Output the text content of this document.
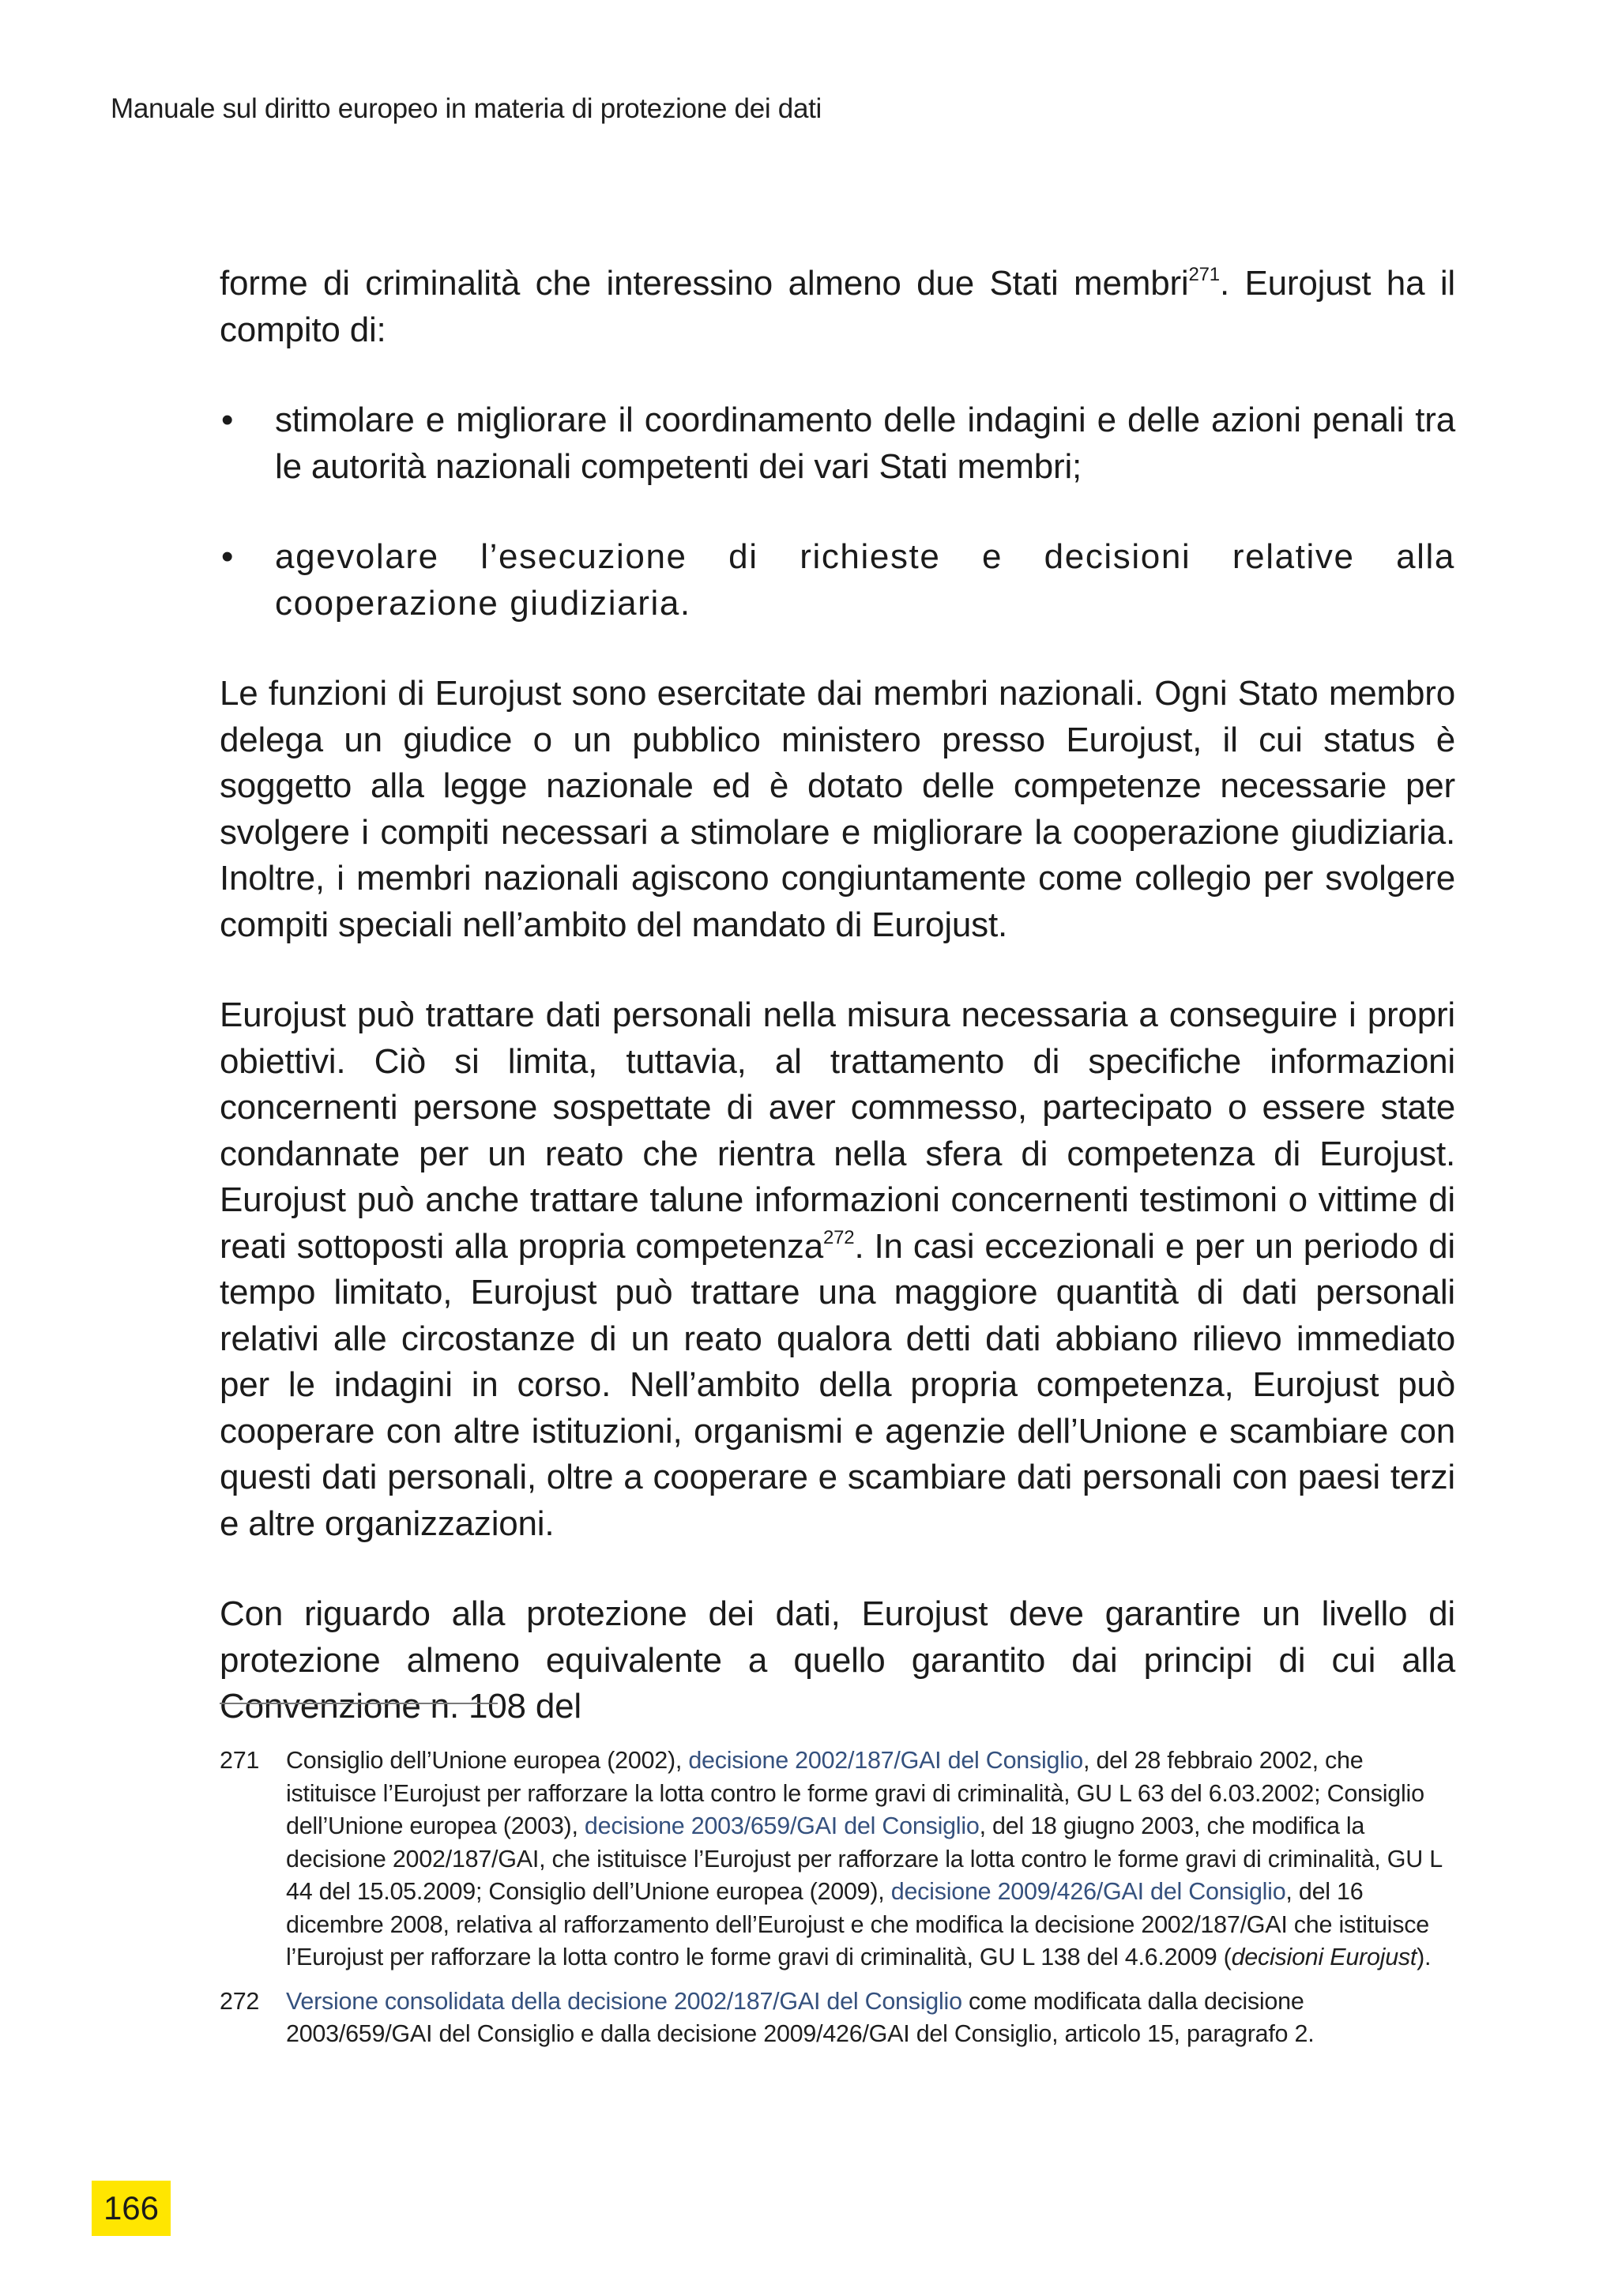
Manuale sul diritto europeo in materia di protezione dei dati

forme di criminalità che interessino almeno due Stati membri$^{271}$. Eurojust ha il compito di:

• stimolare e migliorare il coordinamento delle indagini e delle azioni penali tra le autorità nazionali competenti dei vari Stati membri;
• agevolare l’esecuzione di richieste e decisioni relative alla cooperazione giudiziaria.

Le funzioni di Eurojust sono esercitate dai membri nazionali. Ogni Stato membro delega un giudice o un pubblico ministero presso Eurojust, il cui status è soggetto alla legge nazionale ed è dotato delle competenze necessarie per svolgere i compiti necessari a stimolare e migliorare la cooperazione giudiziaria. Inoltre, i membri nazionali agiscono congiuntamente come collegio per svolgere compiti speciali nell’ambito del mandato di Eurojust.

Eurojust può trattare dati personali nella misura necessaria a conseguire i propri obiettivi. Ciò si limita, tuttavia, al trattamento di specifiche informazioni concernenti persone sospettate di aver commesso, partecipato o essere state condannate per un reato che rientra nella sfera di competenza di Eurojust. Eurojust può anche trattare talune informazioni concernenti testimoni o vittime di reati sottoposti alla propria competenza$^{272}$. In casi eccezionali e per un periodo di tempo limitato, Eurojust può trattare una maggiore quantità di dati personali relativi alle circostanze di un reato qualora detti dati abbiano rilievo immediato per le indagini in corso. Nell’ambito della propria competenza, Eurojust può cooperare con altre istituzioni, organismi e agenzie dell’Unione e scambiare con questi dati personali, oltre a cooperare e scambiare dati personali con paesi terzi e altre organizzazioni.

Con riguardo alla protezione dei dati, Eurojust deve garantire un livello di protezione almeno equivalente a quello garantito dai principi di cui alla Convenzione n. 108 del

271	Consiglio dell’Unione europea (2002), decisione 2002/187/GAI del Consiglio, del 28 febbraio 2002, che istituisce l’Eurojust per rafforzare la lotta contro le forme gravi di criminalità, GU L 63 del 6.03.2002; Consiglio dell’Unione europea (2003), decisione 2003/659/GAI del Consiglio, del 18 giugno 2003, che modifica la decisione 2002/187/GAI, che istituisce l’Eurojust per rafforzare la lotta contro le forme gravi di criminalità, GU L 44 del 15.05.2009; Consiglio dell’Unione europea (2009), decisione 2009/426/GAI del Consiglio, del 16 dicembre 2008, relativa al rafforzamento dell’Eurojust e che modifica la decisione 2002/187/GAI che istituisce l’Eurojust per rafforzare la lotta contro le forme gravi di criminalità, GU L 138 del 4.6.2009 (decisioni Eurojust).
272	Versione consolidata della decisione 2002/187/GAI del Consiglio come modificata dalla decisione 2003/659/GAI del Consiglio e dalla decisione 2009/426/GAI del Consiglio, articolo 15, paragrafo 2.
166
